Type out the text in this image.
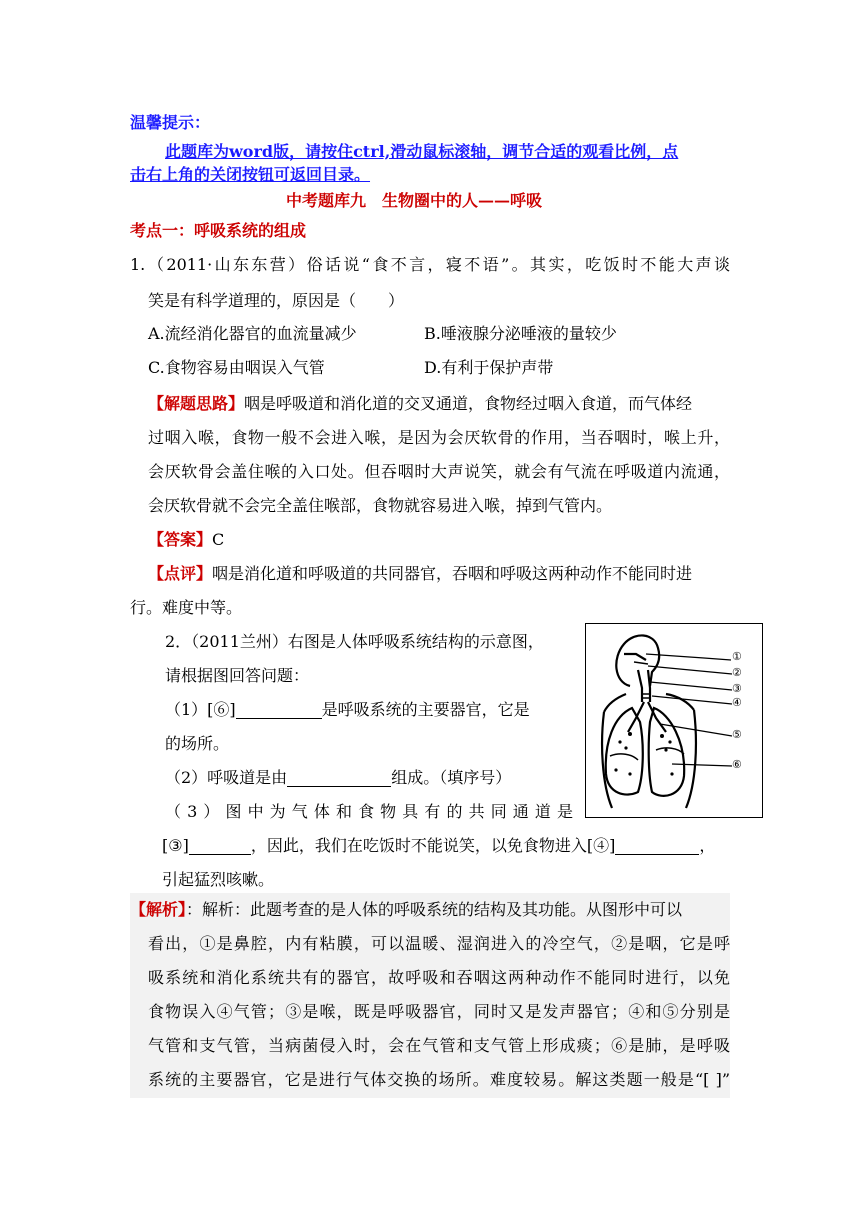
温馨提示：
此题库为word版，请按住ctrl,滑动鼠标滚轴，调节合适的观看比例，点
击右上角的关闭按钮可返回目录。
中考题库九　生物圈中的人——呼吸
考点一：呼吸系统的组成
1. （2011·山东东营）俗话说“食不言，寝不语”。其实，吃饭时不能大声谈
笑是有科学道理的，原因是（　　）
A.流经消化器官的血流量减少	B.唾液腺分泌唾液的量较少
C.食物容易由咽误入气管	D.有利于保护声带
【解题思路】咽是呼吸道和消化道的交叉通道，食物经过咽入食道，而气体经
过咽入喉，食物一般不会进入喉，是因为会厌软骨的作用，当吞咽时，喉上升，
会厌软骨会盖住喉的入口处。但吞咽时大声说笑，就会有气流在呼吸道内流通，
会厌软骨就不会完全盖住喉部，食物就容易进入喉，掉到气管内。
【答案】C
【点评】咽是消化道和呼吸道的共同器官，吞咽和呼吸这两种动作不能同时进
行。难度中等。
2．（2011兰州）右图是人体呼吸系统结构的示意图，
请根据图回答问题：
（1）[⑥]	是呼吸系统的主要器官，它是
的场所。
（2）呼吸道是由	组成。（填序号）
（3）图中为气体和食物具有的共同通道是
[③]	，因此，我们在吃饭时不能说笑，以免食物进入[④]	，
引起猛烈咳嗽。
①
②
③
④
⑤
⑥
【解析】：解析：此题考查的是人体的呼吸系统的结构及其功能。从图形中可以
看出，①是鼻腔，内有粘膜，可以温暖、湿润进入的冷空气，②是咽，它是呼
吸系统和消化系统共有的器官，故呼吸和吞咽这两种动作不能同时进行，以免
食物误入④气管；③是喉，既是呼吸器官，同时又是发声器官；④和⑤分别是
气管和支气管，当病菌侵入时，会在气管和支气管上形成痰；⑥是肺，是呼吸
系统的主要器官，它是进行气体交换的场所。难度较易。解这类题一般是“[ ]”
